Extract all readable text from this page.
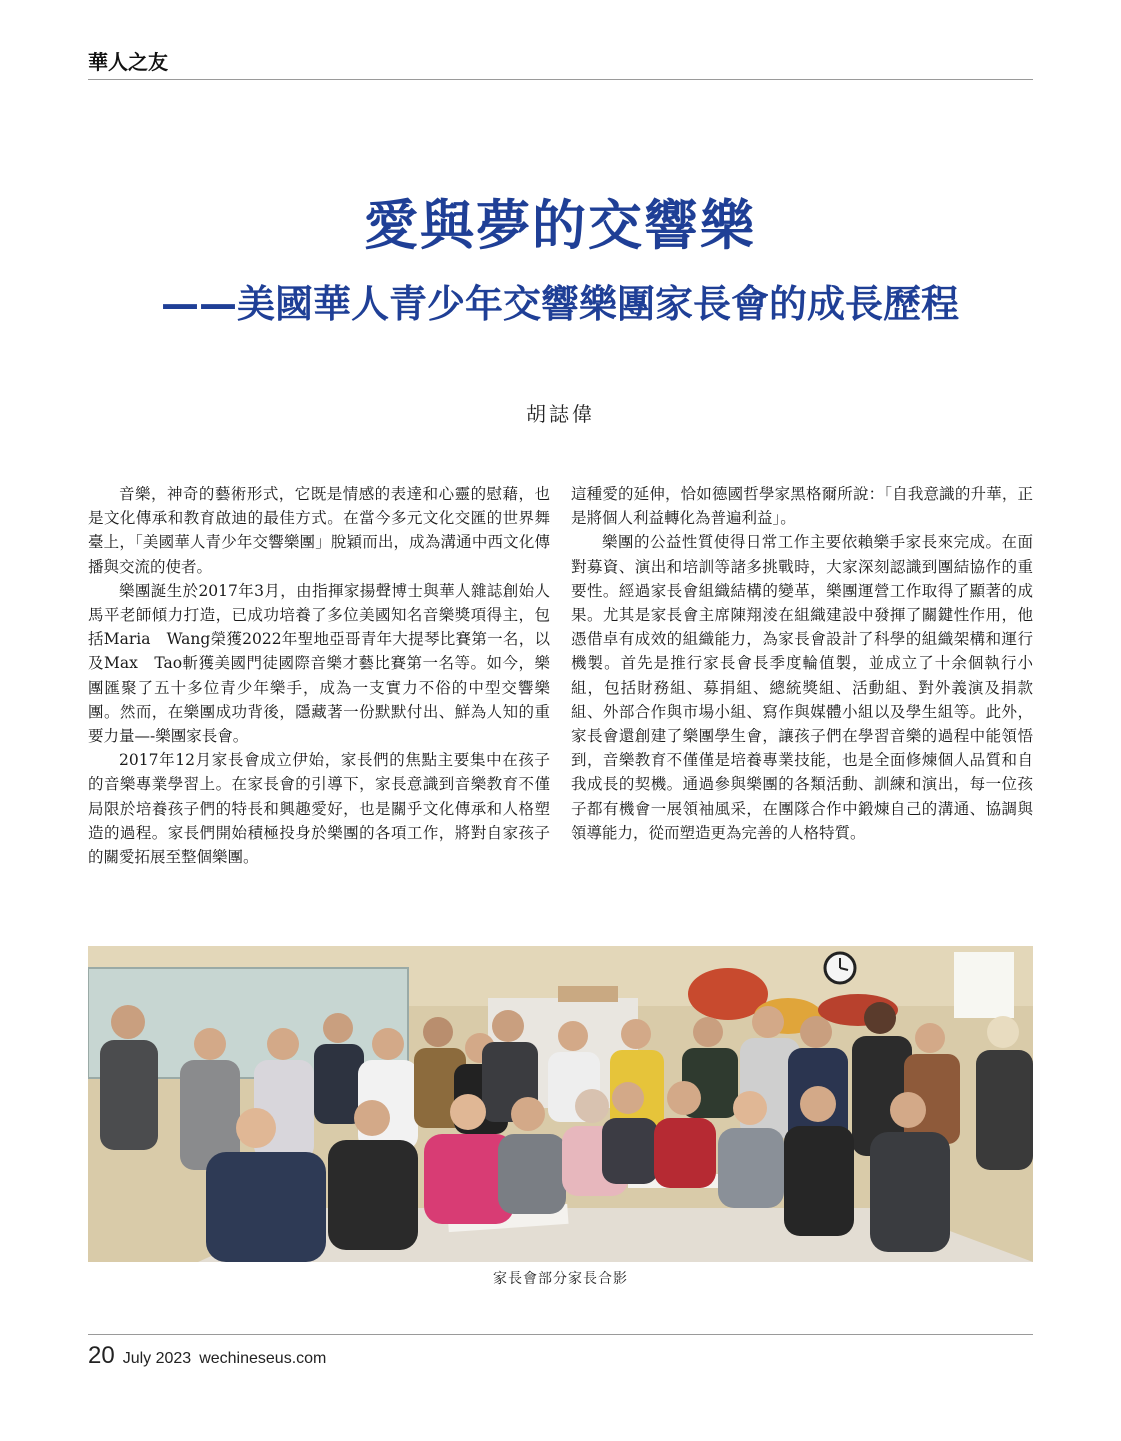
華人之友
愛與夢的交響樂
——美國華人青少年交響樂團家長會的成長歷程
胡誌偉

音樂，神奇的藝術形式，它既是情感的表達和心靈的慰藉，也是文化傳承和教育啟迪的最佳方式。在當今多元文化交匯的世界舞臺上，「美國華人青少年交響樂團」脫穎而出，成為溝通中西文化傳播與交流的使者。

樂團誕生於2017年3月，由指揮家揚聲博士與華人雜誌創始人馬平老師傾力打造，已成功培養了多位美國知名音樂獎項得主，包括Maria　Wang榮獲2022年聖地亞哥青年大提琴比賽第一名，以及Max　Tao斬獲美國門徒國際音樂才藝比賽第一名等。如今，樂團匯聚了五十多位青少年樂手，成為一支實力不俗的中型交響樂團。然而，在樂團成功背後，隱藏著一份默默付出、鮮為人知的重要力量—-樂團家長會。

2017年12月家長會成立伊始，家長們的焦點主要集中在孩子的音樂專業學習上。在家長會的引導下，家長意識到音樂教育不僅局限於培養孩子們的特長和興趣愛好，也是關乎文化傳承和人格塑造的過程。家長們開始積極投身於樂團的各項工作，將對自家孩子的關愛拓展至整個樂團。

這種愛的延伸，恰如德國哲學家黑格爾所說：「自我意識的升華，正是將個人利益轉化為普遍利益」。

樂團的公益性質使得日常工作主要依賴樂手家長來完成。在面對募資、演出和培訓等諸多挑戰時，大家深刻認識到團結協作的重要性。經過家長會組織結構的變革，樂團運營工作取得了顯著的成果。尤其是家長會主席陳翔淩在組織建設中發揮了關鍵性作用，他憑借卓有成效的組織能力，為家長會設計了科學的組織架構和運行機製。首先是推行家長會長季度輪值製，並成立了十余個執行小組，包括財務組、募捐組、總統獎組、活動組、對外義演及捐款組、外部合作與市場小組、寫作與媒體小組以及學生組等。此外，家長會還創建了樂團學生會，讓孩子們在學習音樂的過程中能領悟到，音樂教育不僅僅是培養專業技能，也是全面修煉個人品質和自我成長的契機。通過參與樂團的各類活動、訓練和演出，每一位孩子都有機會一展領袖風采，在團隊合作中鍛煉自己的溝通、協調與領導能力，從而塑造更為完善的人格特質。

家長會部分家長合影
20 July 2023 wechineseus.com
